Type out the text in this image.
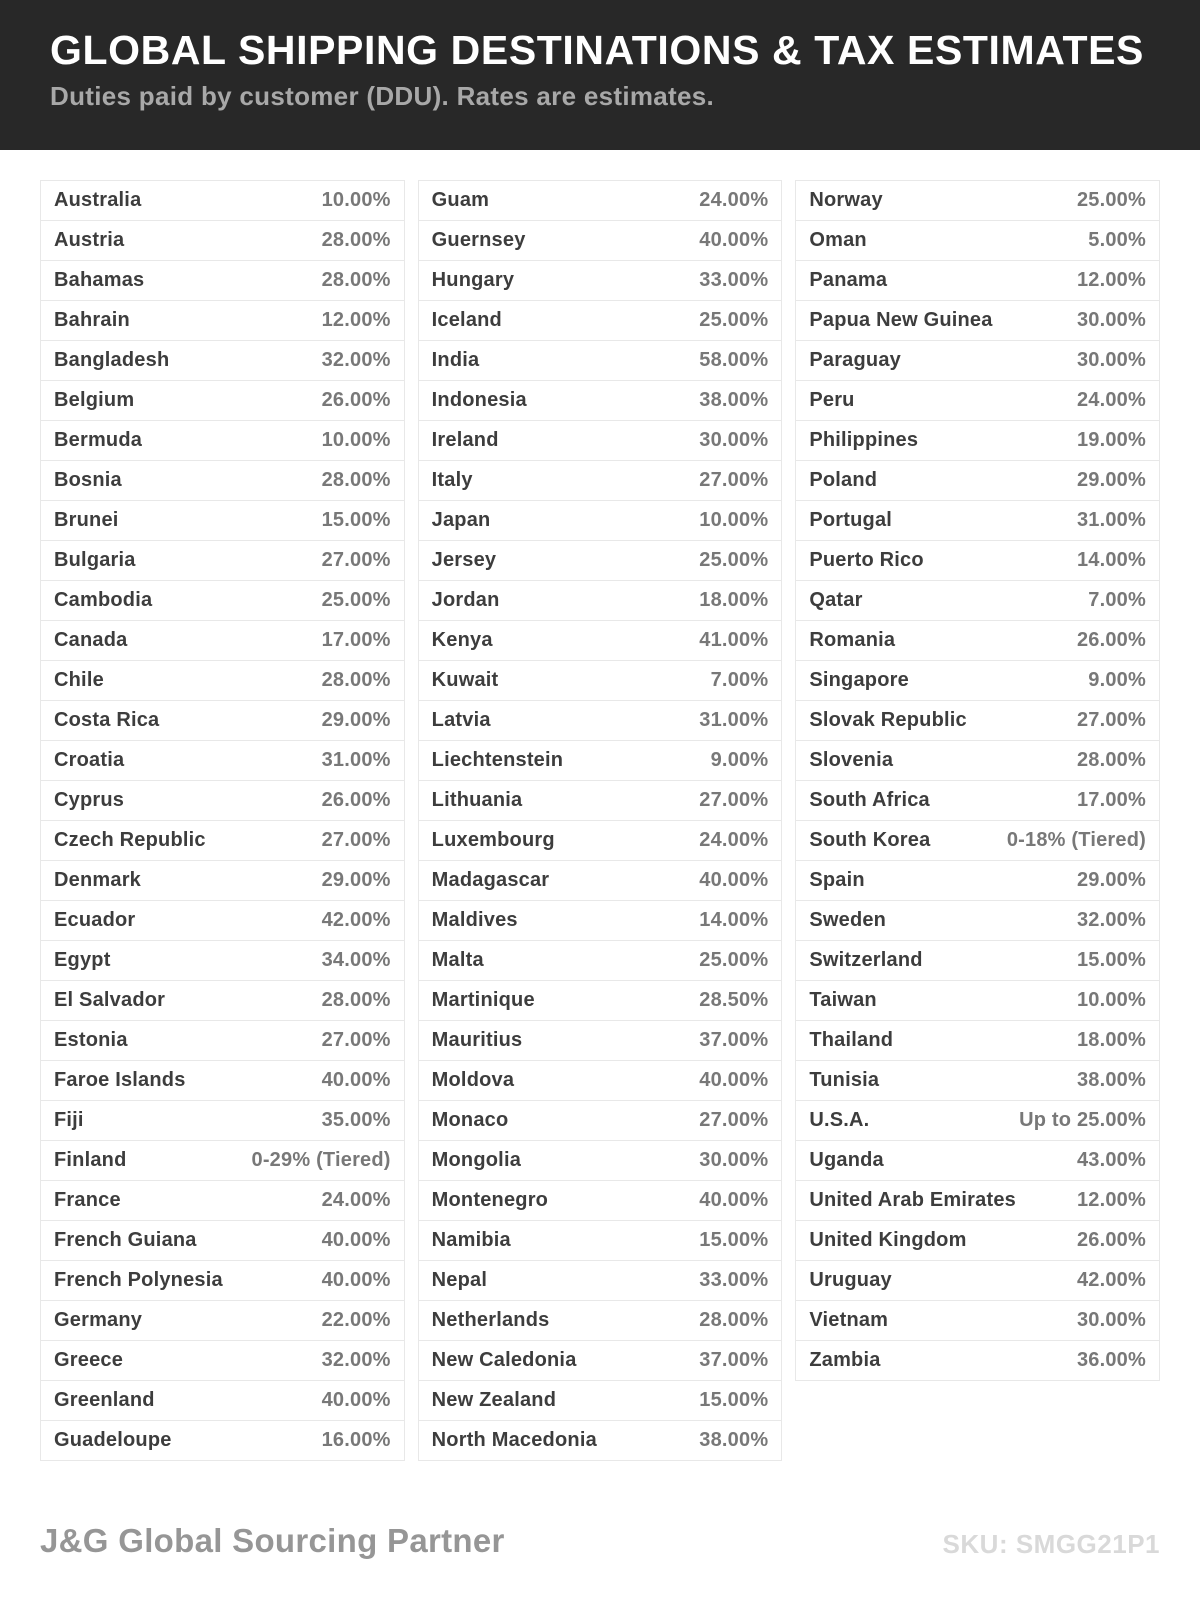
GLOBAL SHIPPING DESTINATIONS & TAX ESTIMATES
Duties paid by customer (DDU). Rates are estimates.
Australia	10.00%
Austria	28.00%
Bahamas	28.00%
Bahrain	12.00%
Bangladesh	32.00%
Belgium	26.00%
Bermuda	10.00%
Bosnia	28.00%
Brunei	15.00%
Bulgaria	27.00%
Cambodia	25.00%
Canada	17.00%
Chile	28.00%
Costa Rica	29.00%
Croatia	31.00%
Cyprus	26.00%
Czech Republic	27.00%
Denmark	29.00%
Ecuador	42.00%
Egypt	34.00%
El Salvador	28.00%
Estonia	27.00%
Faroe Islands	40.00%
Fiji	35.00%
Finland	0-29% (Tiered)
France	24.00%
French Guiana	40.00%
French Polynesia	40.00%
Germany	22.00%
Greece	32.00%
Greenland	40.00%
Guadeloupe	16.00%
Guam	24.00%
Guernsey	40.00%
Hungary	33.00%
Iceland	25.00%
India	58.00%
Indonesia	38.00%
Ireland	30.00%
Italy	27.00%
Japan	10.00%
Jersey	25.00%
Jordan	18.00%
Kenya	41.00%
Kuwait	7.00%
Latvia	31.00%
Liechtenstein	9.00%
Lithuania	27.00%
Luxembourg	24.00%
Madagascar	40.00%
Maldives	14.00%
Malta	25.00%
Martinique	28.50%
Mauritius	37.00%
Moldova	40.00%
Monaco	27.00%
Mongolia	30.00%
Montenegro	40.00%
Namibia	15.00%
Nepal	33.00%
Netherlands	28.00%
New Caledonia	37.00%
New Zealand	15.00%
North Macedonia	38.00%
Norway	25.00%
Oman	5.00%
Panama	12.00%
Papua New Guinea	30.00%
Paraguay	30.00%
Peru	24.00%
Philippines	19.00%
Poland	29.00%
Portugal	31.00%
Puerto Rico	14.00%
Qatar	7.00%
Romania	26.00%
Singapore	9.00%
Slovak Republic	27.00%
Slovenia	28.00%
South Africa	17.00%
South Korea	0-18% (Tiered)
Spain	29.00%
Sweden	32.00%
Switzerland	15.00%
Taiwan	10.00%
Thailand	18.00%
Tunisia	38.00%
U.S.A.	Up to 25.00%
Uganda	43.00%
United Arab Emirates	12.00%
United Kingdom	26.00%
Uruguay	42.00%
Vietnam	30.00%
Zambia	36.00%
J&G Global Sourcing Partner	SKU: SMGG21P1
